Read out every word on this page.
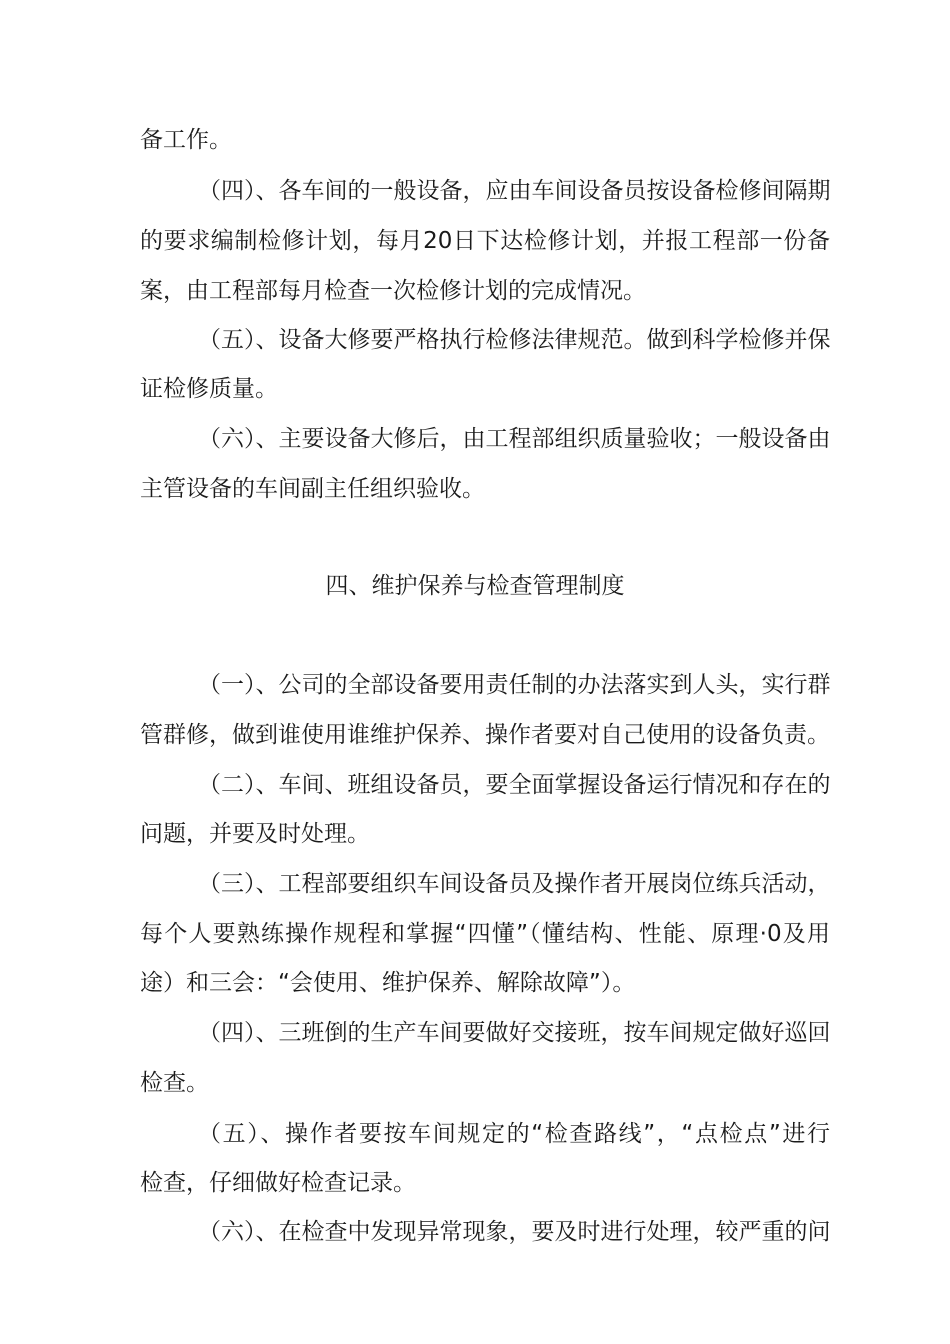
备工作。
（四）、各车间的一般设备，应由车间设备员按设备检修间隔期
的要求编制检修计划，每月20日下达检修计划，并报工程部一份备
案，由工程部每月检查一次检修计划的完成情况。
（五）、设备大修要严格执行检修法律规范。做到科学检修并保
证检修质量。
（六）、主要设备大修后，由工程部组织质量验收；一般设备由
主管设备的车间副主任组织验收。
四、维护保养与检查管理制度
（一）、公司的全部设备要用责任制的办法落实到人头，实行群
管群修，做到谁使用谁维护保养、操作者要对自己使用的设备负责。
（二）、车间、班组设备员，要全面掌握设备运行情况和存在的
问题，并要及时处理。
（三）、工程部要组织车间设备员及操作者开展岗位练兵活动，
每个人要熟练操作规程和掌握“四懂”（懂结构、性能、原理·0及用
途）和三会：“会使用、维护保养、解除故障”）。
（四）、三班倒的生产车间要做好交接班，按车间规定做好巡回
检查。
（五）、操作者要按车间规定的“检查路线”，“点检点”进行
检查，仔细做好检查记录。
（六）、在检查中发现异常现象，要及时进行处理，较严重的问
